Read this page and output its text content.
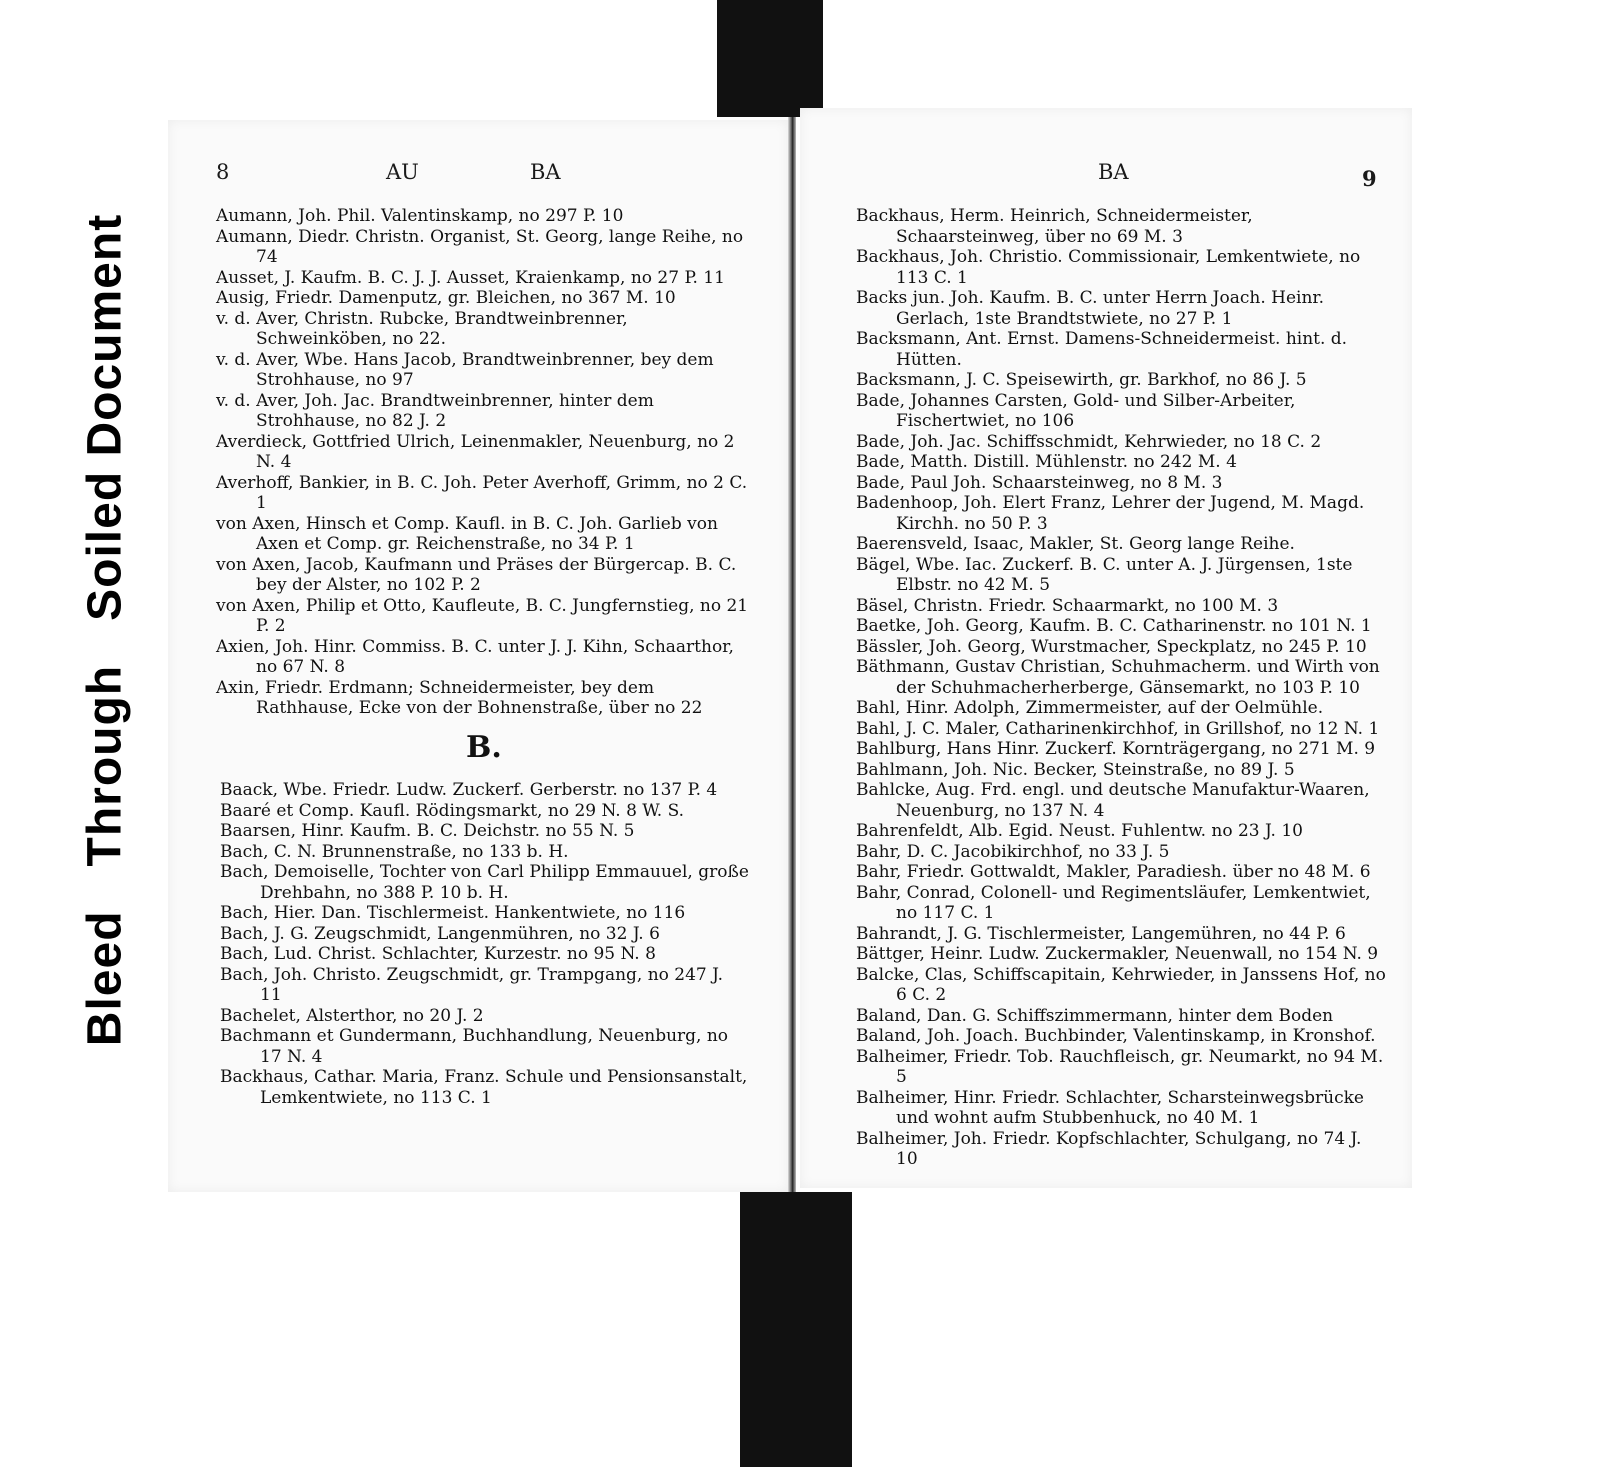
BleedThroughSoiled Document
8	AU	BA

Aumann, Joh. Phil. Valentinskamp, no 297 P. 10

Aumann, Diedr. Christn. Organist, St. Georg, lange Reihe, no 74

Ausset, J. Kaufm. B. C. J. J. Ausset, Kraienkamp, no 27 P. 11

Ausig, Friedr. Damenputz, gr. Bleichen, no 367 M. 10

v. d. Aver, Christn. Rubcke, Brandtweinbrenner, Schweinköben, no 22.

v. d. Aver, Wbe. Hans Jacob, Brandtweinbrenner, bey dem Strohhause, no 97

v. d. Aver, Joh. Jac. Brandtweinbrenner, hinter dem Strohhause, no 82 J. 2

Averdieck, Gottfried Ulrich, Leinenmakler, Neuenburg, no 2 N. 4

Averhoff, Bankier, in B. C. Joh. Peter Averhoff, Grimm, no 2 C. 1

von Axen, Hinsch et Comp. Kaufl. in B. C. Joh. Garlieb von Axen et Comp. gr. Reichenstraße, no 34 P. 1

von Axen, Jacob, Kaufmann und Präses der Bürgercap. B. C. bey der Alster, no 102 P. 2

von Axen, Philip et Otto, Kaufleute, B. C. Jungfernstieg, no 21 P. 2

Axien, Joh. Hinr. Commiss. B. C. unter J. J. Kihn, Schaarthor, no 67 N. 8

Axin, Friedr. Erdmann; Schneidermeister, bey dem Rathhause, Ecke von der Bohnenstraße, über no 22

B.

Baack, Wbe. Friedr. Ludw. Zuckerf. Gerberstr. no 137 P. 4

Baaré et Comp. Kaufl. Rödingsmarkt, no 29 N. 8 W. S.

Baarsen, Hinr. Kaufm. B. C. Deichstr. no 55 N. 5

Bach, C. N. Brunnenstraße, no 133 b. H.

Bach, Demoiselle, Tochter von Carl Philipp Emmauuel, große Drehbahn, no 388 P. 10 b. H.

Bach, Hier. Dan. Tischlermeist. Hankentwiete, no 116

Bach, J. G. Zeugschmidt, Langenmühren, no 32 J. 6

Bach, Lud. Christ. Schlachter, Kurzestr. no 95 N. 8

Bach, Joh. Christo. Zeugschmidt, gr. Trampgang, no 247 J. 11

Bachelet, Alsterthor, no 20 J. 2

Bachmann et Gundermann, Buchhandlung, Neuenburg, no 17 N. 4

Backhaus, Cathar. Maria, Franz. Schule und Pensionsanstalt, Lemkentwiete, no 113 C. 1

BA	9

Backhaus, Herm. Heinrich, Schneidermeister, Schaarsteinweg, über no 69 M. 3

Backhaus, Joh. Christio. Commissionair, Lemkentwiete, no 113 C. 1

Backs jun. Joh. Kaufm. B. C. unter Herrn Joach. Heinr. Gerlach, 1ste Brandtstwiete, no 27 P. 1

Backsmann, Ant. Ernst. Damens-Schneidermeist. hint. d. Hütten.

Backsmann, J. C. Speisewirth, gr. Barkhof, no 86 J. 5

Bade, Johannes Carsten, Gold- und Silber-Arbeiter, Fischertwiet, no 106

Bade, Joh. Jac. Schiffsschmidt, Kehrwieder, no 18 C. 2

Bade, Matth. Distill. Mühlenstr. no 242 M. 4

Bade, Paul Joh. Schaarsteinweg, no 8 M. 3

Badenhoop, Joh. Elert Franz, Lehrer der Jugend, M. Magd. Kirchh. no 50 P. 3

Baerensveld, Isaac, Makler, St. Georg lange Reihe.

Bägel, Wbe. Iac. Zuckerf. B. C. unter A. J. Jürgensen, 1ste Elbstr. no 42 M. 5

Bäsel, Christn. Friedr. Schaarmarkt, no 100 M. 3

Baetke, Joh. Georg, Kaufm. B. C. Catharinenstr. no 101 N. 1

Bässler, Joh. Georg, Wurstmacher, Speckplatz, no 245 P. 10

Bäthmann, Gustav Christian, Schuhmacherm. und Wirth von der Schuhmacherherberge, Gänsemarkt, no 103 P. 10

Bahl, Hinr. Adolph, Zimmermeister, auf der Oelmühle.

Bahl, J. C. Maler, Catharinenkirchhof, in Grillshof, no 12 N. 1

Bahlburg, Hans Hinr. Zuckerf. Kornträgergang, no 271 M. 9

Bahlmann, Joh. Nic. Becker, Steinstraße, no 89 J. 5

Bahlcke, Aug. Frd. engl. und deutsche Manufaktur-Waaren, Neuenburg, no 137 N. 4

Bahrenfeldt, Alb. Egid. Neust. Fuhlentw. no 23 J. 10

Bahr, D. C. Jacobikirchhof, no 33 J. 5

Bahr, Friedr. Gottwaldt, Makler, Paradiesh. über no 48 M. 6

Bahr, Conrad, Colonell- und Regimentsläufer, Lemkentwiet, no 117 C. 1

Bahrandt, J. G. Tischlermeister, Langemühren, no 44 P. 6

Bättger, Heinr. Ludw. Zuckermakler, Neuenwall, no 154 N. 9

Balcke, Clas, Schiffscapitain, Kehrwieder, in Janssens Hof, no 6 C. 2

Baland, Dan. G. Schiffszimmermann, hinter dem Boden

Baland, Joh. Joach. Buchbinder, Valentinskamp, in Kronshof.

Balheimer, Friedr. Tob. Rauchfleisch, gr. Neumarkt, no 94 M. 5

Balheimer, Hinr. Friedr. Schlachter, Scharsteinwegsbrücke und wohnt aufm Stubbenhuck, no 40 M. 1

Balheimer, Joh. Friedr. Kopfschlachter, Schulgang, no 74 J. 10
